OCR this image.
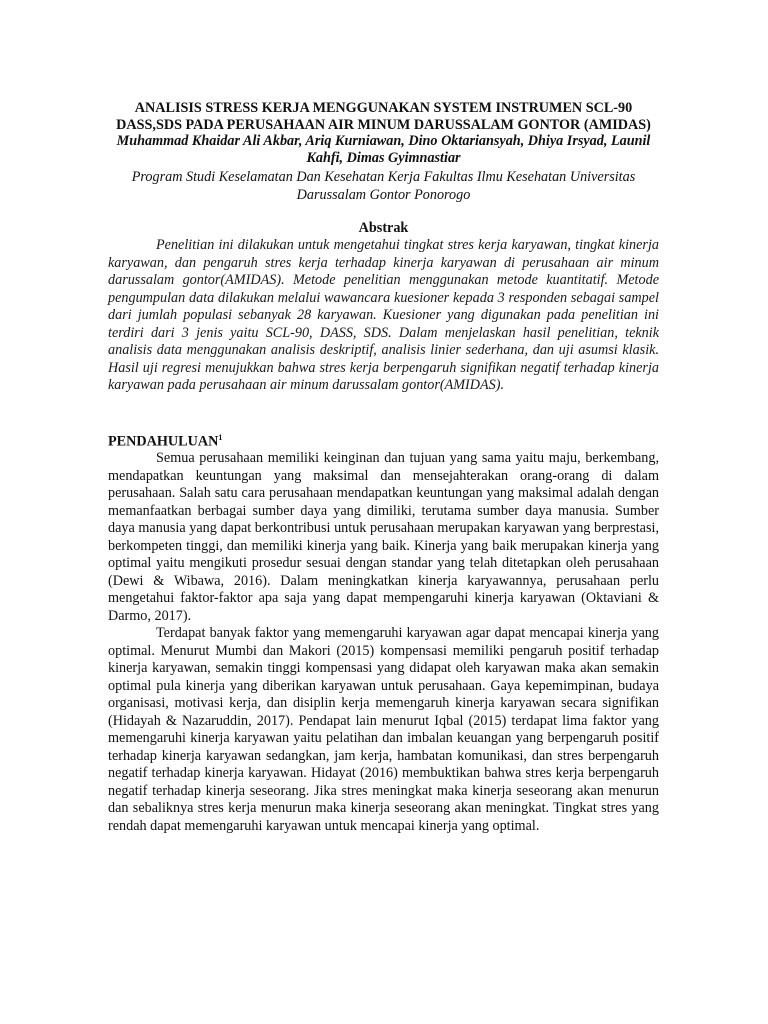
ANALISIS STRESS KERJA MENGGUNAKAN SYSTEM INSTRUMEN SCL-90 DASS,SDS PADA PERUSAHAAN AIR MINUM DARUSSALAM GONTOR (AMIDAS)

Muhammad Khaidar Ali Akbar, Ariq Kurniawan, Dino Oktariansyah, Dhiya Irsyad, Launil Kahfi, Dimas Gyimnastiar

Program Studi Keselamatan Dan Kesehatan Kerja Fakultas Ilmu Kesehatan Universitas Darussalam Gontor Ponorogo

Abstrak

Penelitian ini dilakukan untuk mengetahui tingkat stres kerja karyawan, tingkat kinerja karyawan, dan pengaruh stres kerja terhadap kinerja karyawan di perusahaan air minum darussalam gontor(AMIDAS). Metode penelitian menggunakan metode kuantitatif. Metode pengumpulan data dilakukan melalui wawancara kuesioner kepada 3 responden sebagai sampel dari jumlah populasi sebanyak 28 karyawan. Kuesioner yang digunakan pada penelitian ini terdiri dari 3 jenis yaitu SCL-90, DASS, SDS. Dalam menjelaskan hasil penelitian, teknik analisis data menggunakan analisis deskriptif, analisis linier sederhana, dan uji asumsi klasik. Hasil uji regresi menujukkan bahwa stres kerja berpengaruh signifikan negatif terhadap kinerja karyawan pada perusahaan air minum darussalam gontor(AMIDAS).

PENDAHULUAN$^1$

Semua perusahaan memiliki keinginan dan tujuan yang sama yaitu maju, berkembang, mendapatkan keuntungan yang maksimal dan mensejahterakan orang-orang di dalam perusahaan. Salah satu cara perusahaan mendapatkan keuntungan yang maksimal adalah dengan memanfaatkan berbagai sumber daya yang dimiliki, terutama sumber daya manusia. Sumber daya manusia yang dapat berkontribusi untuk perusahaan merupakan karyawan yang berprestasi, berkompeten tinggi, dan memiliki kinerja yang baik. Kinerja yang baik merupakan kinerja yang optimal yaitu mengikuti prosedur sesuai dengan standar yang telah ditetapkan oleh perusahaan (Dewi & Wibawa, 2016). Dalam meningkatkan kinerja karyawannya, perusahaan perlu mengetahui faktor-faktor apa saja yang dapat mempengaruhi kinerja karyawan (Oktaviani & Darmo, 2017).

Terdapat banyak faktor yang memengaruhi karyawan agar dapat mencapai kinerja yang optimal. Menurut Mumbi dan Makori (2015) kompensasi memiliki pengaruh positif terhadap kinerja karyawan, semakin tinggi kompensasi yang didapat oleh karyawan maka akan semakin optimal pula kinerja yang diberikan karyawan untuk perusahaan. Gaya kepemimpinan, budaya organisasi, motivasi kerja, dan disiplin kerja memengaruh kinerja karyawan secara signifikan (Hidayah & Nazaruddin, 2017). Pendapat lain menurut Iqbal (2015) terdapat lima faktor yang memengaruhi kinerja karyawan yaitu pelatihan dan imbalan keuangan yang berpengaruh positif terhadap kinerja karyawan sedangkan, jam kerja, hambatan komunikasi, dan stres berpengaruh negatif terhadap kinerja karyawan. Hidayat (2016) membuktikan bahwa stres kerja berpengaruh negatif terhadap kinerja seseorang. Jika stres meningkat maka kinerja seseorang akan menurun dan sebaliknya stres kerja menurun maka kinerja seseorang akan meningkat. Tingkat stres yang rendah dapat memengaruhi karyawan untuk mencapai kinerja yang optimal.
